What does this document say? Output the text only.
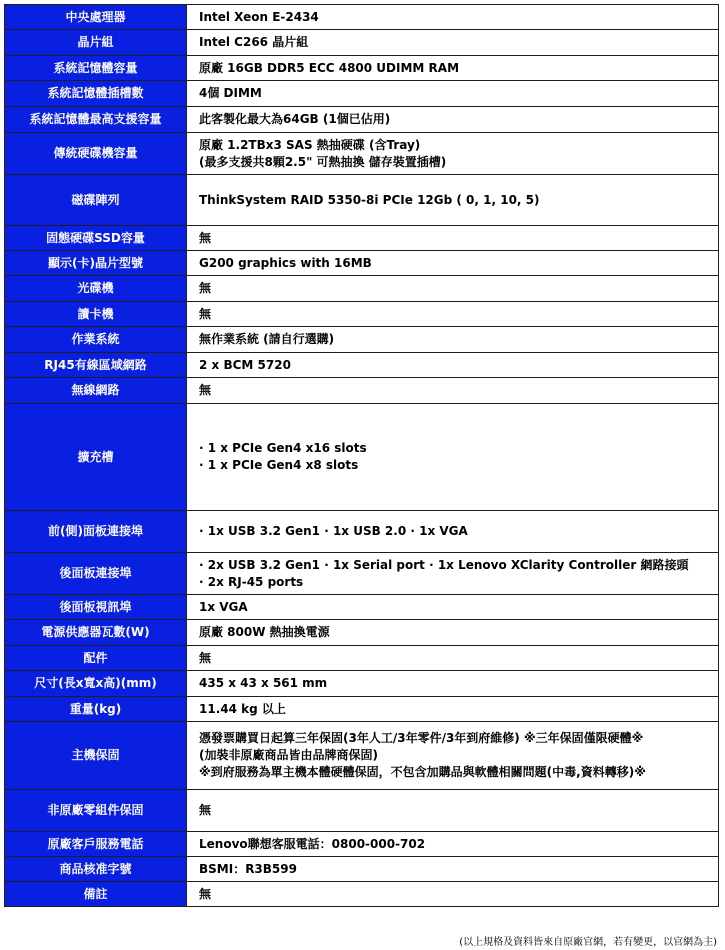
中央處理器	Intel Xeon E-2434

晶片組	Intel C266 晶片組

系統記憶體容量	原廠 16GB DDR5 ECC 4800 UDIMM RAM

系統記憶體插槽數	4個 DIMM

系統記憶體最高支援容量	此客製化最大為64GB (1個已佔用)

傳統硬碟機容量	原廠 1.2TBx3 SAS 熱抽硬碟 (含Tray)
(最多支援共8顆2.5" 可熱抽換 儲存裝置插槽)

磁碟陣列	ThinkSystem RAID 5350-8i PCIe 12Gb ( 0, 1, 10, 5)

固態硬碟SSD容量	無

顯示(卡)晶片型號	G200 graphics with 16MB

光碟機	無

讀卡機	無

作業系統	無作業系統 (請自行選購)

RJ45有線區域網路	2 x BCM 5720

無線網路	無

擴充槽	· 1 x PCIe Gen4 x16 slots
· 1 x PCIe Gen4 x8 slots

前(側)面板連接埠	· 1x USB 3.2 Gen1 · 1x USB 2.0 · 1x VGA

後面板連接埠	· 2x USB 3.2 Gen1 · 1x Serial port · 1x Lenovo XClarity Controller 網路接頭
· 2x RJ-45 ports

後面板視訊埠	1x VGA

電源供應器瓦數(W)	原廠 800W 熱抽換電源

配件	無

尺寸(長x寬x高)(mm)	435 x 43 x 561 mm

重量(kg)	11.44 kg 以上

主機保固	憑發票購買日起算三年保固(3年人工/3年零件/3年到府維修) ※三年保固僅限硬體※
(加裝非原廠商品皆由品牌商保固)
※到府服務為單主機本體硬體保固，不包含加購品與軟體相關問題(中毒,資料轉移)※

非原廠零組件保固	無

原廠客戶服務電話	Lenovo聯想客服電話：0800-000-702

商品核准字號	BSMI：R3B599

備註	無
(以上規格及資料皆來自原廠官網，若有變更，以官網為主)
